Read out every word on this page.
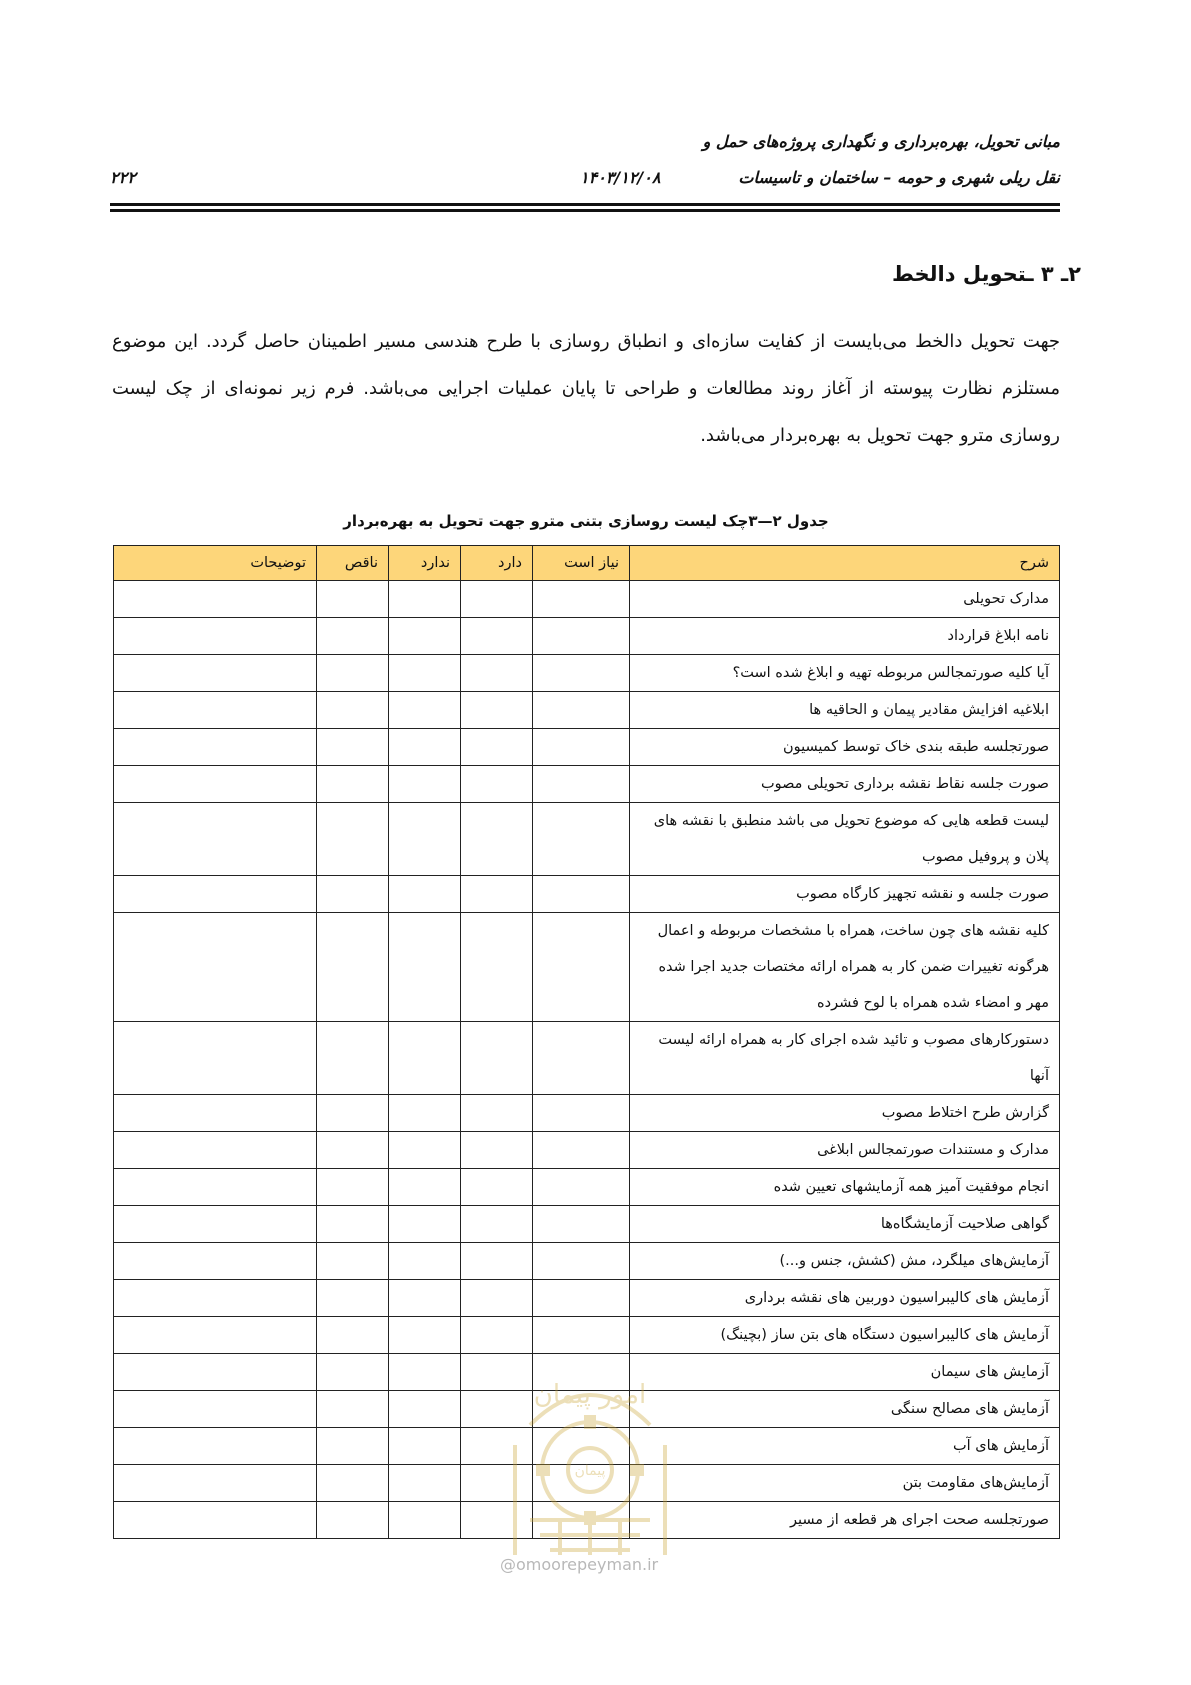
مبانی تحویل، بهره‌برداری و نگهداری پروژه‌های حمل و
نقل ریلی شهری و حومه – ساختمان و تاسیسات
۱۴۰۳/۱۲/۰۸
۲۲۲
۲ـ ۳ ـتحویل دالخط

جهت تحویل دالخط می‌بایست از کفایت سازه‌ای و انطباق روسازی با طرح هندسی مسیر اطمینان حاصل گردد. این موضوع مستلزم نظارت پیوسته از آغاز روند مطالعات و طراحی تا پایان عملیات اجرایی می‌باشد. فرم زیر نمونه‌ای از چک لیست روسازی مترو جهت تحویل به بهره‌بردار می‌باشد.

جدول ۲—۳چک لیست روسازی بتنی مترو جهت تحویل به بهره‌بردار
شرح	نیاز است	دارد	ندارد	ناقص	توضیحات
مدارک تحویلی					
نامه ابلاغ قرارداد					
آیا کلیه صورتمجالس مربوطه تهیه و ابلاغ شده است؟					
ابلاغیه افزایش مقادیر پیمان و الحاقیه ها					
صورتجلسه طبقه بندی خاک توسط کمیسیون					
صورت جلسه نقاط نقشه برداری تحویلی مصوب					
لیست قطعه هایی که موضوع تحویل می باشد منطبق با نقشه های پلان و پروفیل مصوب					
صورت جلسه و نقشه تجهیز کارگاه مصوب					
کلیه نقشه های چون ساخت، همراه با مشخصات مربوطه و اعمال هرگونه تغییرات ضمن کار به همراه ارائه مختصات جدید اجرا شده مهر و امضاء شده همراه با لوح فشرده					
دستورکارهای مصوب و تائید شده اجرای کار به همراه ارائه لیست آنها					
گزارش طرح اختلاط مصوب					
مدارک و مستندات صورتمجالس ابلاغی					
انجام موفقیت آمیز همه آزمایشهای تعیین شده					
گواهی صلاحیت آزمایشگاه‌ها					
آزمایش‌های میلگرد، مش (کشش، جنس و...)					
آزمایش های کالیبراسیون دوربین های نقشه برداری					
آزمایش های کالیبراسیون دستگاه های بتن ساز (بچینگ)					
آزمایش های سیمان					
آزمایش های مصالح سنگی					
آزمایش های آب					
آزمایش‌های مقاومت بتن					
صورتجلسه صحت اجرای هر قطعه از مسیر					
امور پیمان
پیمان
@omoorepeyman.ir
